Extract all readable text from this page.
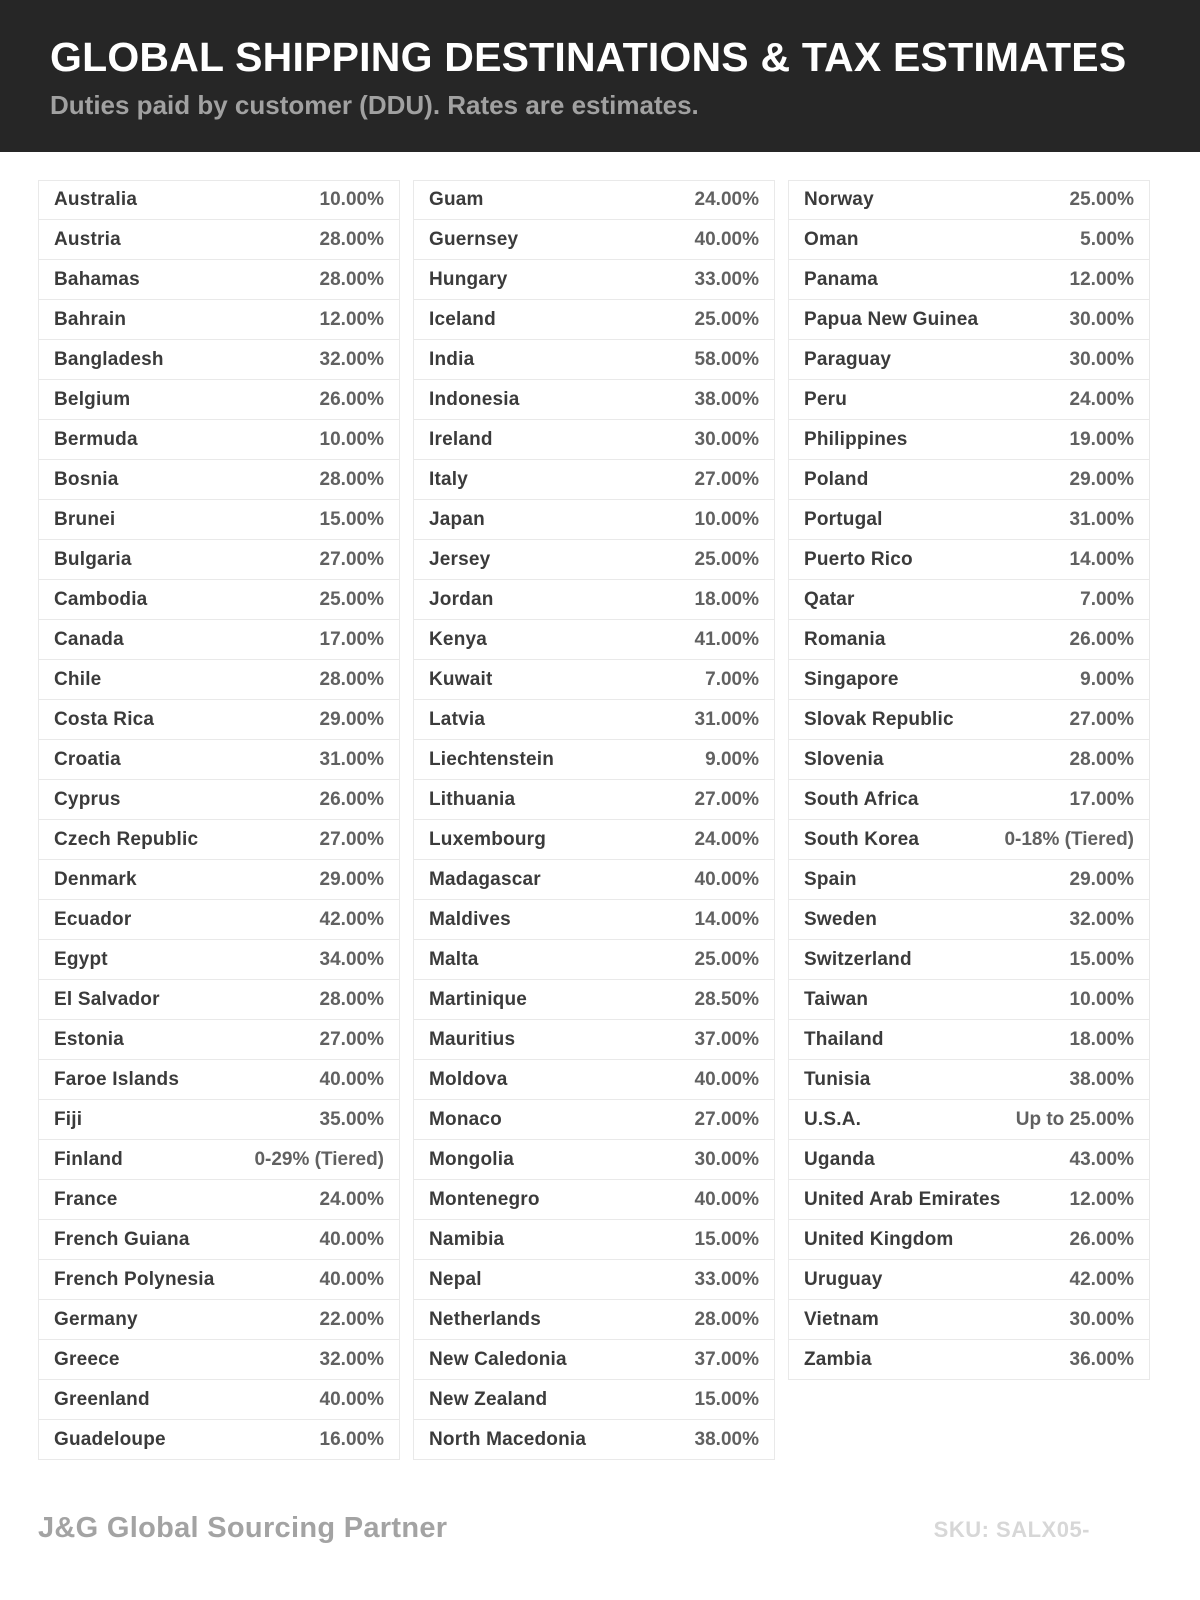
GLOBAL SHIPPING DESTINATIONS & TAX ESTIMATES

Duties paid by customer (DDU). Rates are estimates.

Australia	10.00%
Austria	28.00%
Bahamas	28.00%
Bahrain	12.00%
Bangladesh	32.00%
Belgium	26.00%
Bermuda	10.00%
Bosnia	28.00%
Brunei	15.00%
Bulgaria	27.00%
Cambodia	25.00%
Canada	17.00%
Chile	28.00%
Costa Rica	29.00%
Croatia	31.00%
Cyprus	26.00%
Czech Republic	27.00%
Denmark	29.00%
Ecuador	42.00%
Egypt	34.00%
El Salvador	28.00%
Estonia	27.00%
Faroe Islands	40.00%
Fiji	35.00%
Finland	0-29% (Tiered)
France	24.00%
French Guiana	40.00%
French Polynesia	40.00%
Germany	22.00%
Greece	32.00%
Greenland	40.00%
Guadeloupe	16.00%
Guam	24.00%
Guernsey	40.00%
Hungary	33.00%
Iceland	25.00%
India	58.00%
Indonesia	38.00%
Ireland	30.00%
Italy	27.00%
Japan	10.00%
Jersey	25.00%
Jordan	18.00%
Kenya	41.00%
Kuwait	7.00%
Latvia	31.00%
Liechtenstein	9.00%
Lithuania	27.00%
Luxembourg	24.00%
Madagascar	40.00%
Maldives	14.00%
Malta	25.00%
Martinique	28.50%
Mauritius	37.00%
Moldova	40.00%
Monaco	27.00%
Mongolia	30.00%
Montenegro	40.00%
Namibia	15.00%
Nepal	33.00%
Netherlands	28.00%
New Caledonia	37.00%
New Zealand	15.00%
North Macedonia	38.00%
Norway	25.00%
Oman	5.00%
Panama	12.00%
Papua New Guinea	30.00%
Paraguay	30.00%
Peru	24.00%
Philippines	19.00%
Poland	29.00%
Portugal	31.00%
Puerto Rico	14.00%
Qatar	7.00%
Romania	26.00%
Singapore	9.00%
Slovak Republic	27.00%
Slovenia	28.00%
South Africa	17.00%
South Korea	0-18% (Tiered)
Spain	29.00%
Sweden	32.00%
Switzerland	15.00%
Taiwan	10.00%
Thailand	18.00%
Tunisia	38.00%
U.S.A.	Up to 25.00%
Uganda	43.00%
United Arab Emirates	12.00%
United Kingdom	26.00%
Uruguay	42.00%
Vietnam	30.00%
Zambia	36.00%
J&G Global Sourcing Partner	SKU: SALX05-
